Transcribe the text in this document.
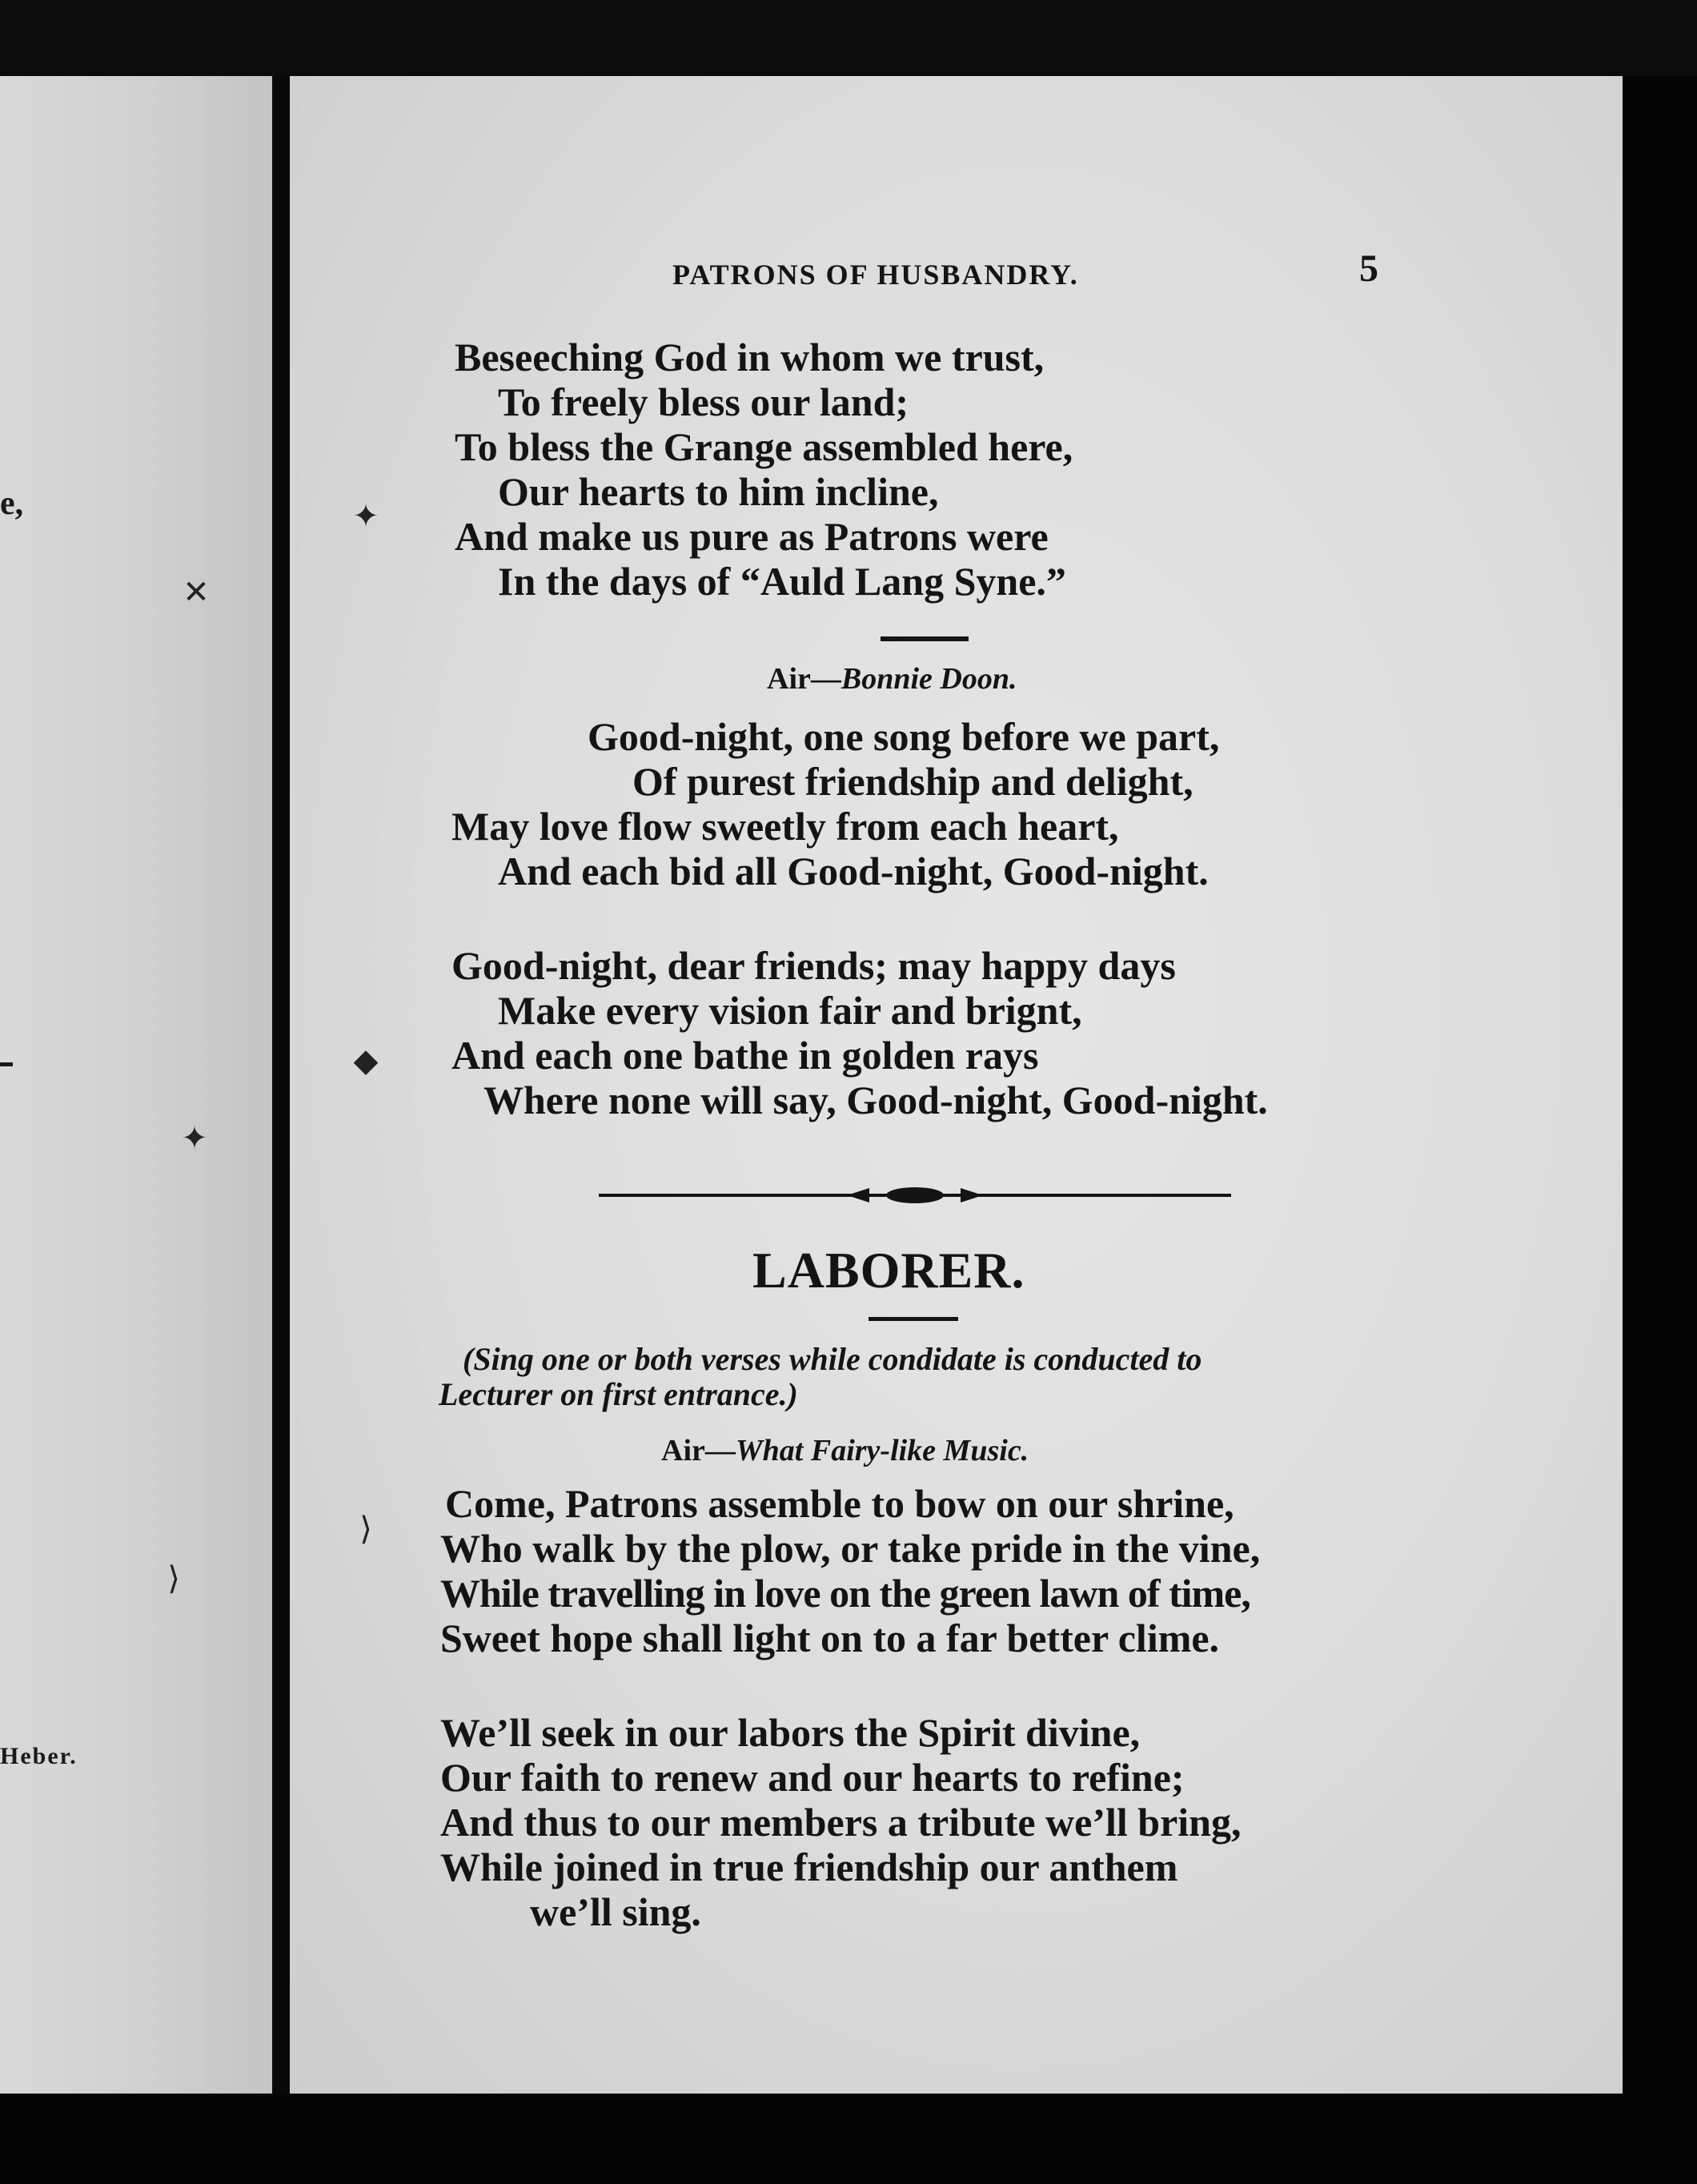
e,
Heber.
✕
✦
⟩
✦
◆
⟩
PATRONS OF HUSBANDRY.	5
Beseeching God in whom we trust,
To freely bless our land;
To bless the Grange assembled here,
Our hearts to him incline,
And make us pure as Patrons were
In the days of “Auld Lang Syne.”
Air—Bonnie Doon.
Good-night, one song before we part,
Of purest friendship and delight,
May love flow sweetly from each heart,
And each bid all Good-night, Good-night.
Good-night, dear friends; may happy days
Make every vision fair and brignt,
And each one bathe in golden rays
Where none will say, Good-night, Good-night.
LABORER.
(Sing one or both verses while condidate is conducted to
Lecturer on first entrance.)
Air—What Fairy-like Music.
Come, Patrons assemble to bow on our shrine,
Who walk by the plow, or take pride in the vine,
While travelling in love on the green lawn of time,
Sweet hope shall light on to a far better clime.
We’ll seek in our labors the Spirit divine,
Our faith to renew and our hearts to refine;
And thus to our members a tribute we’ll bring,
While joined in true friendship our anthem
we’ll sing.
